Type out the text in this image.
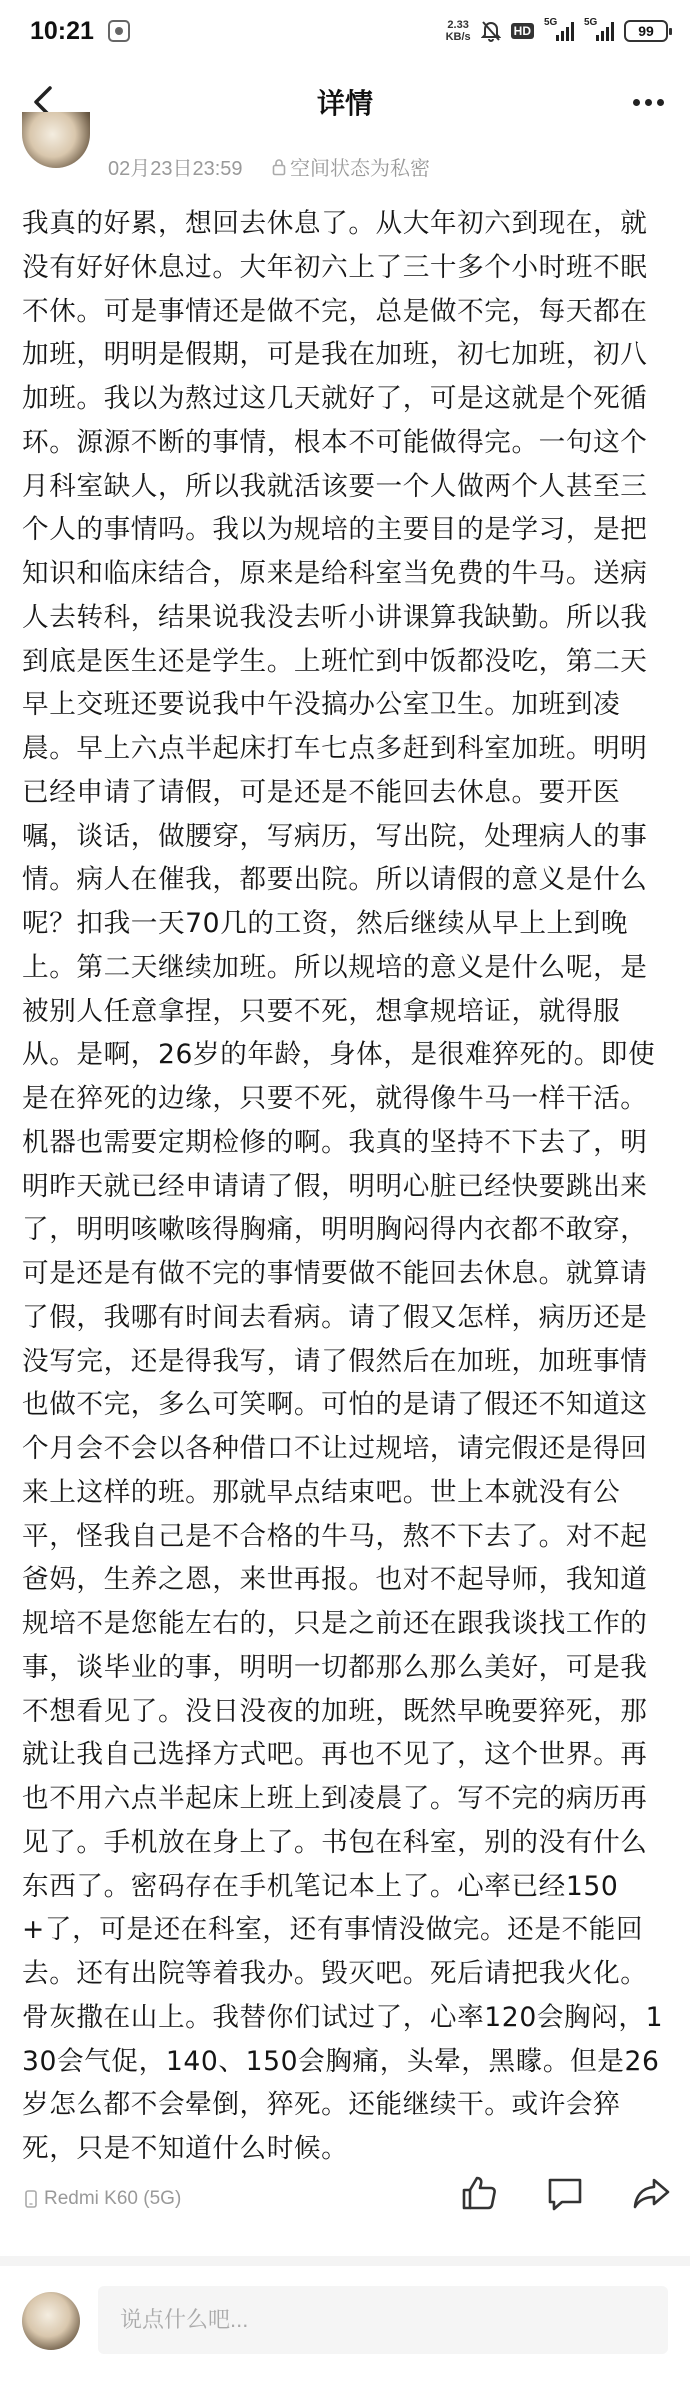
10:21	2.33
KB/s	HD
5G	5G
99
详情
02月23日23:59 空间状态为私密

我真的好累，想回去休息了。从大年初六到现在，就没有好好休息过。大年初六上了三十多个小时班不眠不休。可是事情还是做不完，总是做不完，每天都在加班，明明是假期，可是我在加班，初七加班，初八加班。我以为熬过这几天就好了，可是这就是个死循环。源源不断的事情，根本不可能做得完。一句这个月科室缺人，所以我就活该要一个人做两个人甚至三个人的事情吗。我以为规培的主要目的是学习，是把知识和临床结合，原来是给科室当免费的牛马。送病人去转科，结果说我没去听小讲课算我缺勤。所以我到底是医生还是学生。上班忙到中饭都没吃，第二天早上交班还要说我中午没搞办公室卫生。加班到凌晨。早上六点半起床打车七点多赶到科室加班。明明已经申请了请假，可是还是不能回去休息。要开医嘱，谈话，做腰穿，写病历，写出院，处理病人的事情。病人在催我，都要出院。所以请假的意义是什么呢？扣我一天70几的工资，然后继续从早上上到晚上。第二天继续加班。所以规培的意义是什么呢，是被别人任意拿捏，只要不死，想拿规培证，就得服从。是啊，26岁的年龄，身体，是很难猝死的。即使是在猝死的边缘，只要不死，就得像牛马一样干活。机器也需要定期检修的啊。我真的坚持不下去了，明明昨天就已经申请请了假，明明心脏已经快要跳出来了，明明咳嗽咳得胸痛，明明胸闷得内衣都不敢穿，可是还是有做不完的事情要做不能回去休息。就算请了假，我哪有时间去看病。请了假又怎样，病历还是没写完，还是得我写，请了假然后在加班，加班事情也做不完，多么可笑啊。可怕的是请了假还不知道这个月会不会以各种借口不让过规培，请完假还是得回来上这样的班。那就早点结束吧。世上本就没有公平，怪我自己是不合格的牛马，熬不下去了。对不起爸妈，生养之恩，来世再报。也对不起导师，我知道规培不是您能左右的，只是之前还在跟我谈找工作的事，谈毕业的事，明明一切都那么那么美好，可是我不想看见了。没日没夜的加班，既然早晚要猝死，那就让我自己选择方式吧。再也不见了，这个世界。再也不用六点半起床上班上到凌晨了。写不完的病历再见了。手机放在身上了。书包在科室，别的没有什么东西了。密码存在手机笔记本上了。心率已经150+了，可是还在科室，还有事情没做完。还是不能回去。还有出院等着我办。毁灭吧。死后请把我火化。骨灰撒在山上。我替你们试过了，心率120会胸闷，130会气促，140、150会胸痛，头晕，黑矇。但是26岁怎么都不会晕倒，猝死。还能继续干。或许会猝死，只是不知道什么时候。

Redmi K60 (5G)
说点什么吧...
